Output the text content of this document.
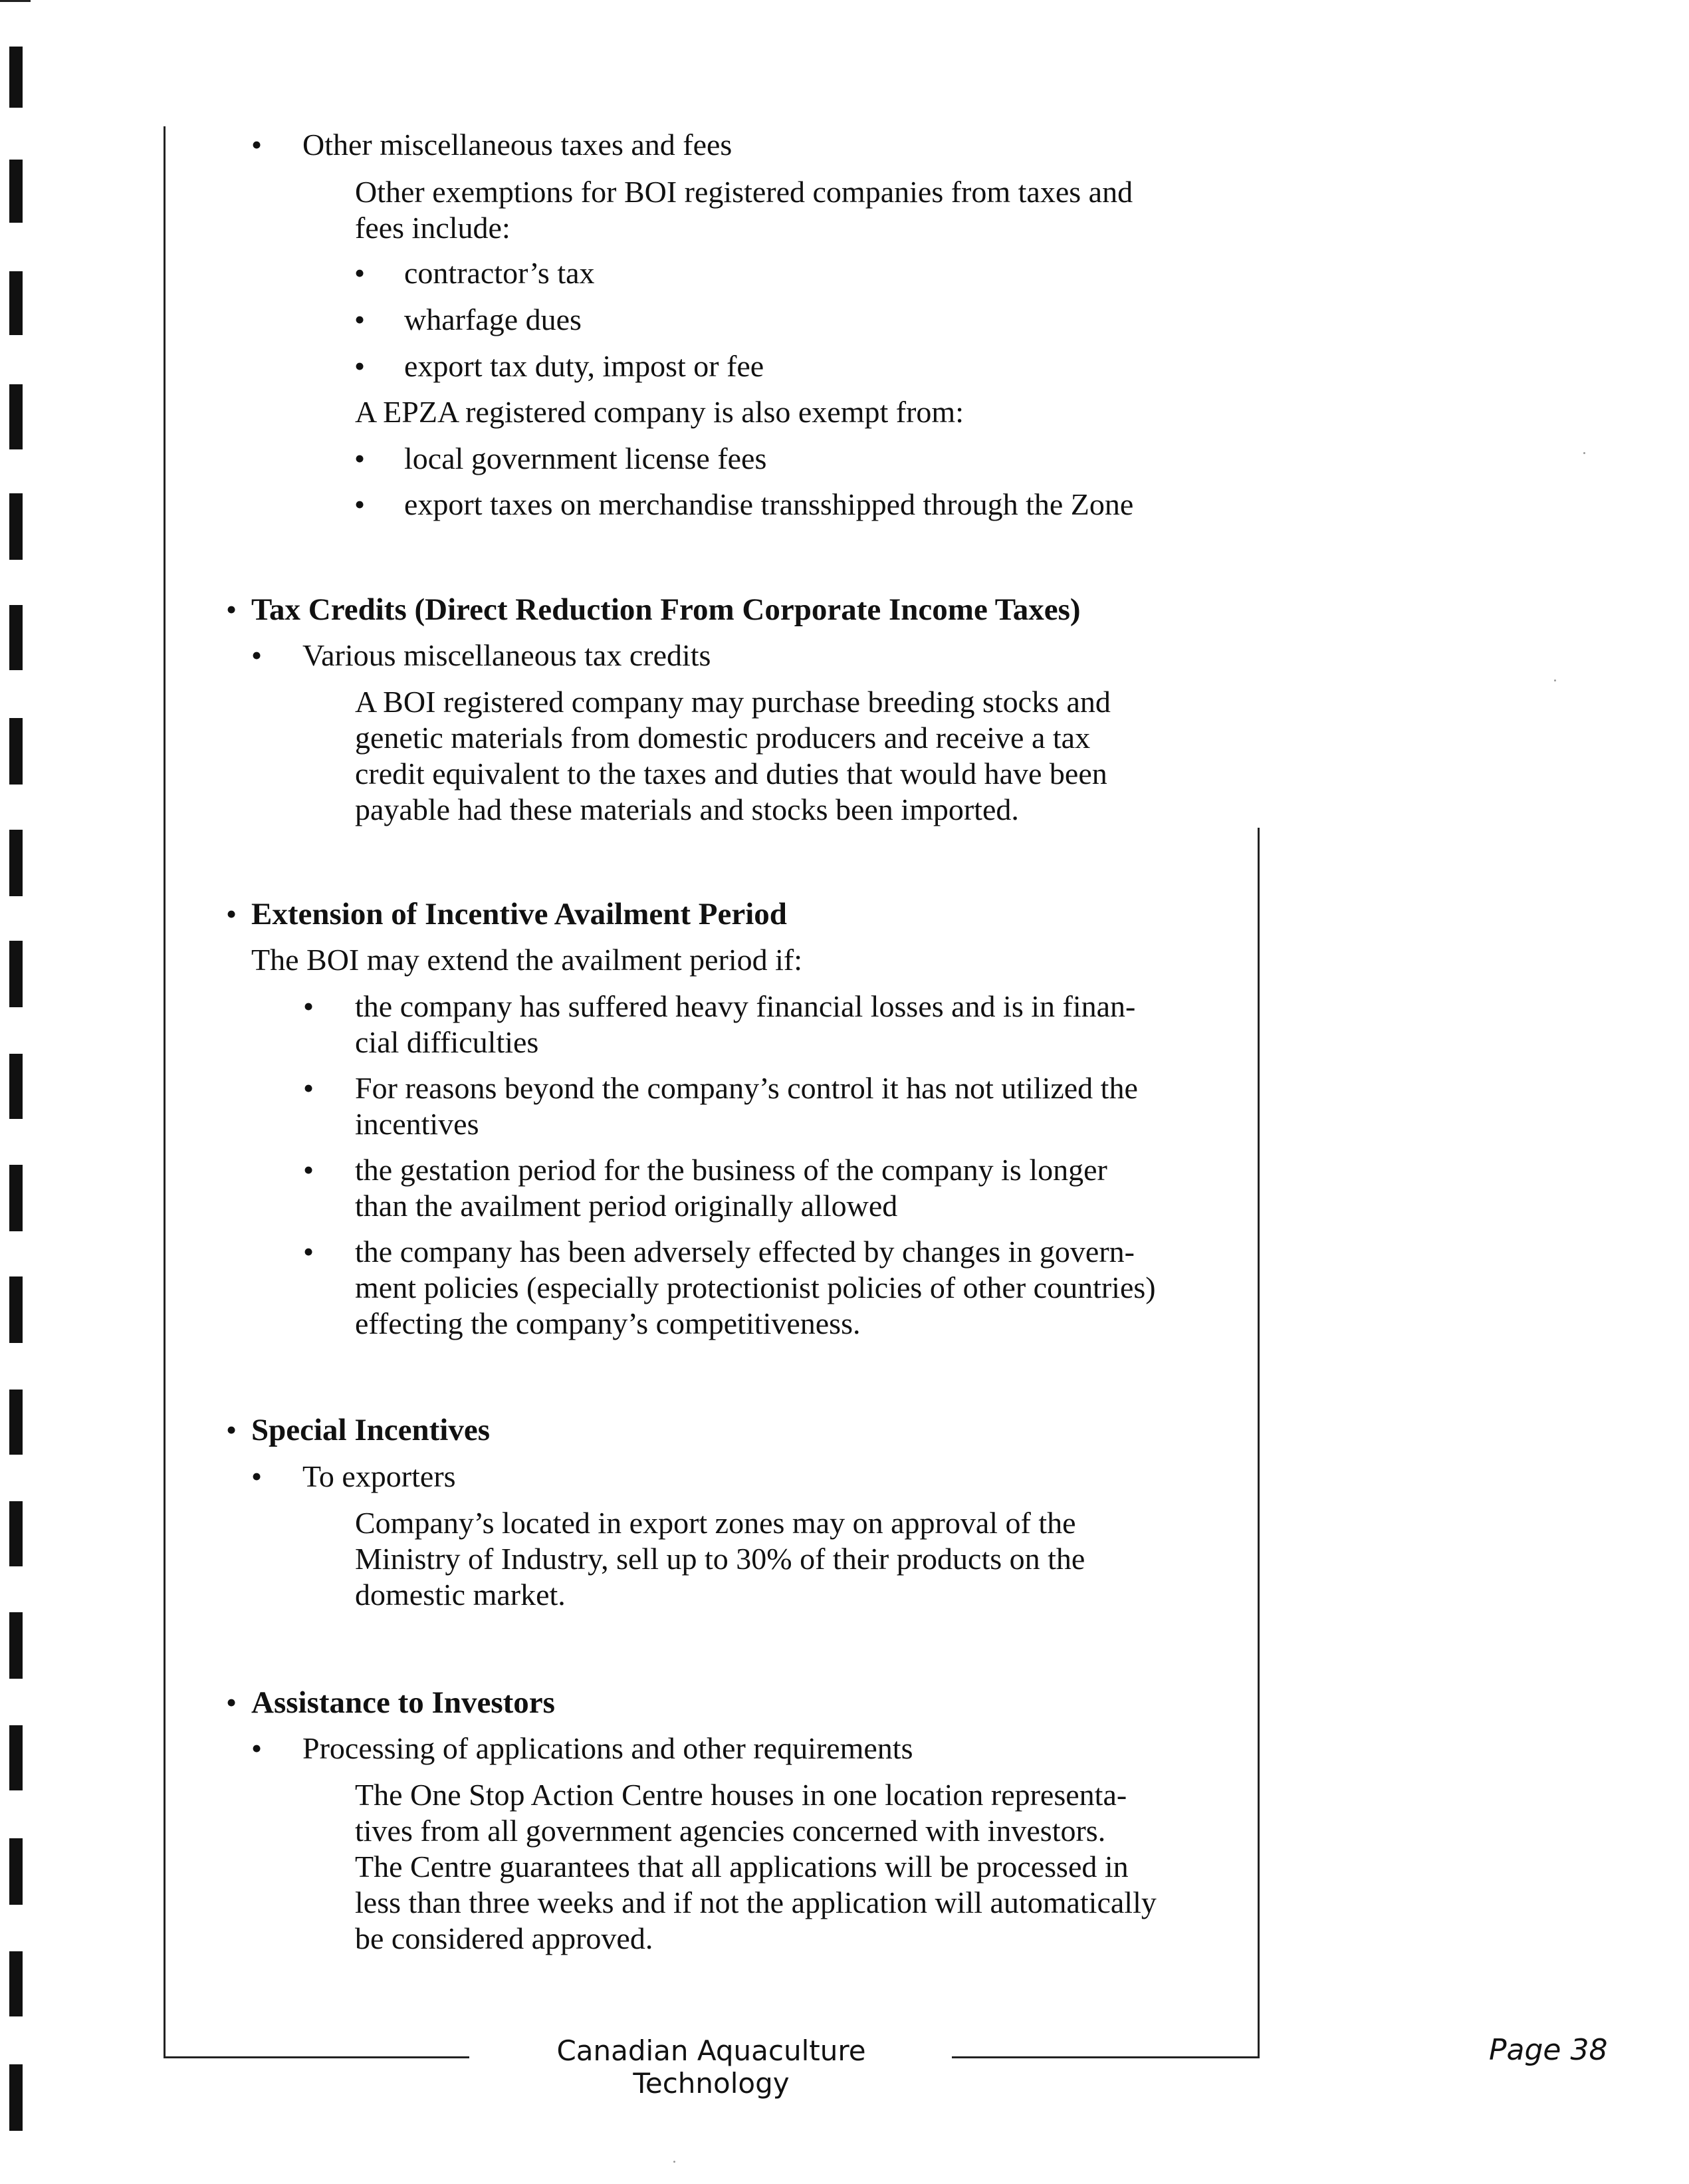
• Other miscellaneous taxes and fees
Other exemptions for BOI registered companies from taxes and
fees include:
• contractor’s tax
• wharfage dues
• export tax duty, impost or fee
A EPZA registered company is also exempt from:
• local government license fees
• export taxes on merchandise transshipped through the Zone
• Tax Credits (Direct Reduction From Corporate Income Taxes)
• Various miscellaneous tax credits
A BOI registered company may purchase breeding stocks and
genetic materials from domestic producers and receive a tax
credit equivalent to the taxes and duties that would have been
payable had these materials and stocks been imported.
• Extension of Incentive Availment Period
The BOI may extend the availment period if:
• the company has suffered heavy financial losses and is in finan-
cial difficulties
• For reasons beyond the company’s control it has not utilized the
incentives
• the gestation period for the business of the company is longer
than the availment period originally allowed
• the company has been adversely effected by changes in govern-
ment policies (especially protectionist policies of other countries)
effecting the company’s competitiveness.
• Special Incentives
• To exporters
Company’s located in export zones may on approval of the
Ministry of Industry, sell up to 30% of their products on the
domestic market.
• Assistance to Investors
• Processing of applications and other requirements
The One Stop Action Centre houses in one location representa-
tives from all government agencies concerned with investors.
The Centre guarantees that all applications will be processed in
less than three weeks and if not the application will automatically
be considered approved.
Canadian Aquaculture Technology
Page 38
